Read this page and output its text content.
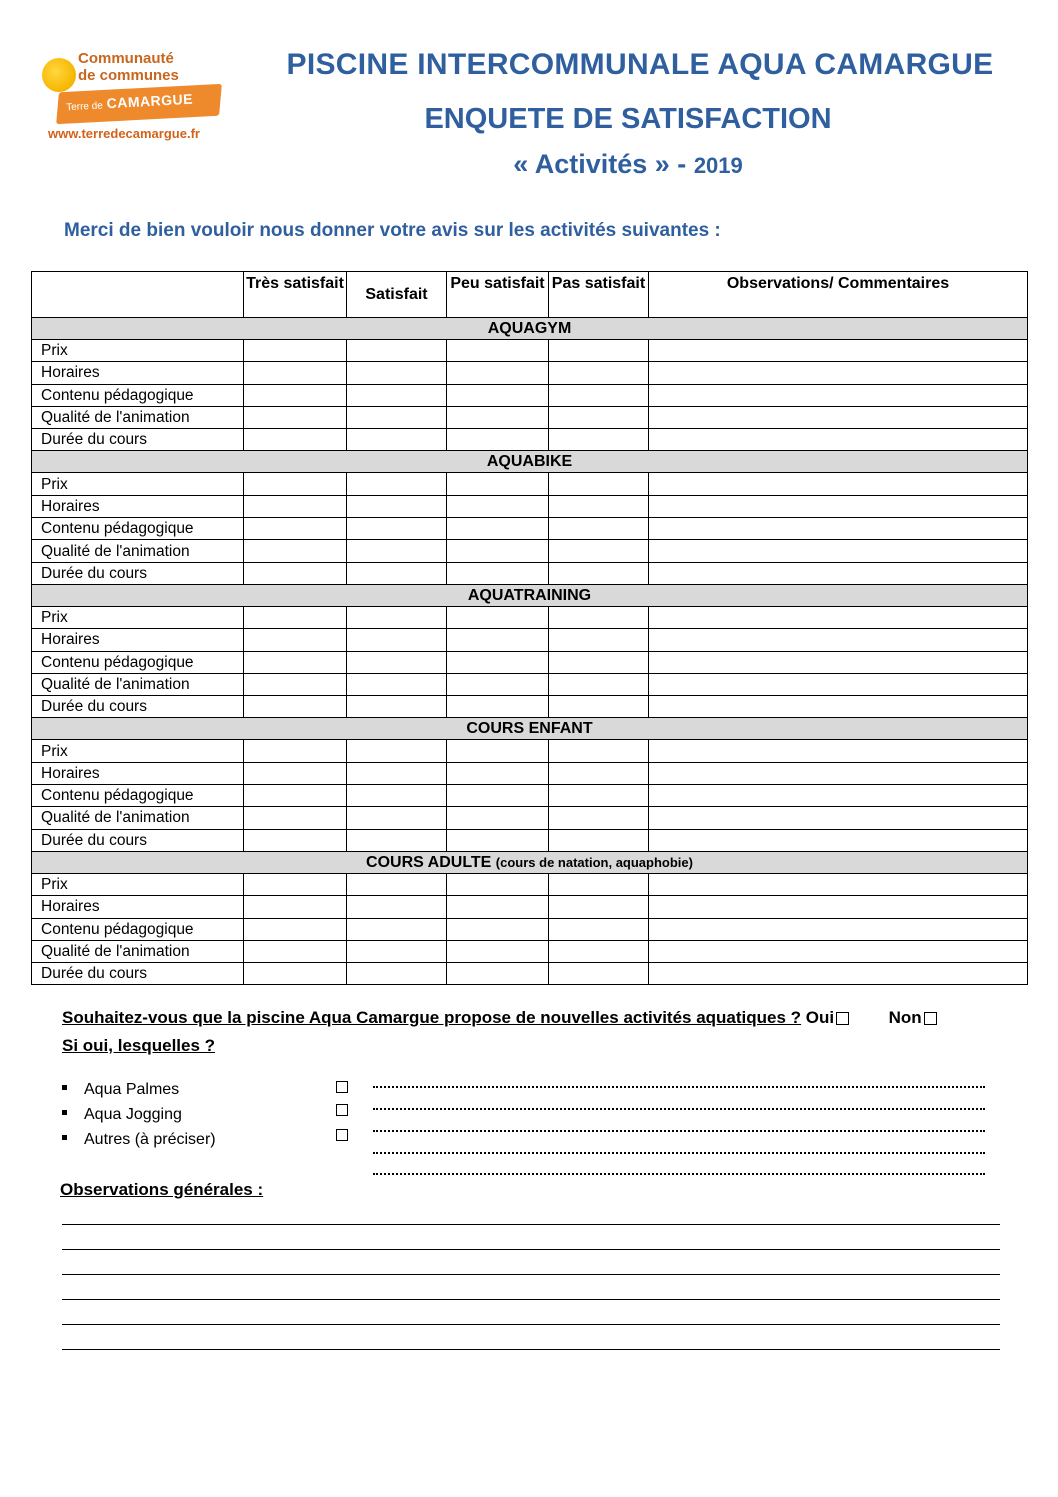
Communauté
de communes
Terre de CAMARGUE
www.terredecamargue.fr
PISCINE INTERCOMMUNALE AQUA CAMARGUE
ENQUETE DE SATISFACTION
« Activités » - 2019
Merci de bien vouloir nous donner votre avis sur les activités suivantes :
	Très satisfait	Satisfait	Peu satisfait	Pas satisfait	Observations/ Commentaires
AQUAGYM					
Prix					
Horaires					
Contenu pédagogique					
Qualité de l'animation					
Durée du cours					
AQUABIKE					
Prix					
Horaires					
Contenu pédagogique					
Qualité de l'animation					
Durée du cours					
AQUATRAINING					
Prix					
Horaires					
Contenu pédagogique					
Qualité de l'animation					
Durée du cours					
COURS ENFANT					
Prix					
Horaires					
Contenu pédagogique					
Qualité de l'animation					
Durée du cours					
COURS ADULTE (cours de natation, aquaphobie)					
Prix					
Horaires					
Contenu pédagogique					
Qualité de l'animation					
Durée du cours					
Souhaitez-vous que la piscine Aqua Camargue propose de nouvelles activités aquatiques ? Oui	Non
Si oui, lesquelles ?
Aqua Palmes
Aqua Jogging
Autres (à préciser)
Observations générales :
